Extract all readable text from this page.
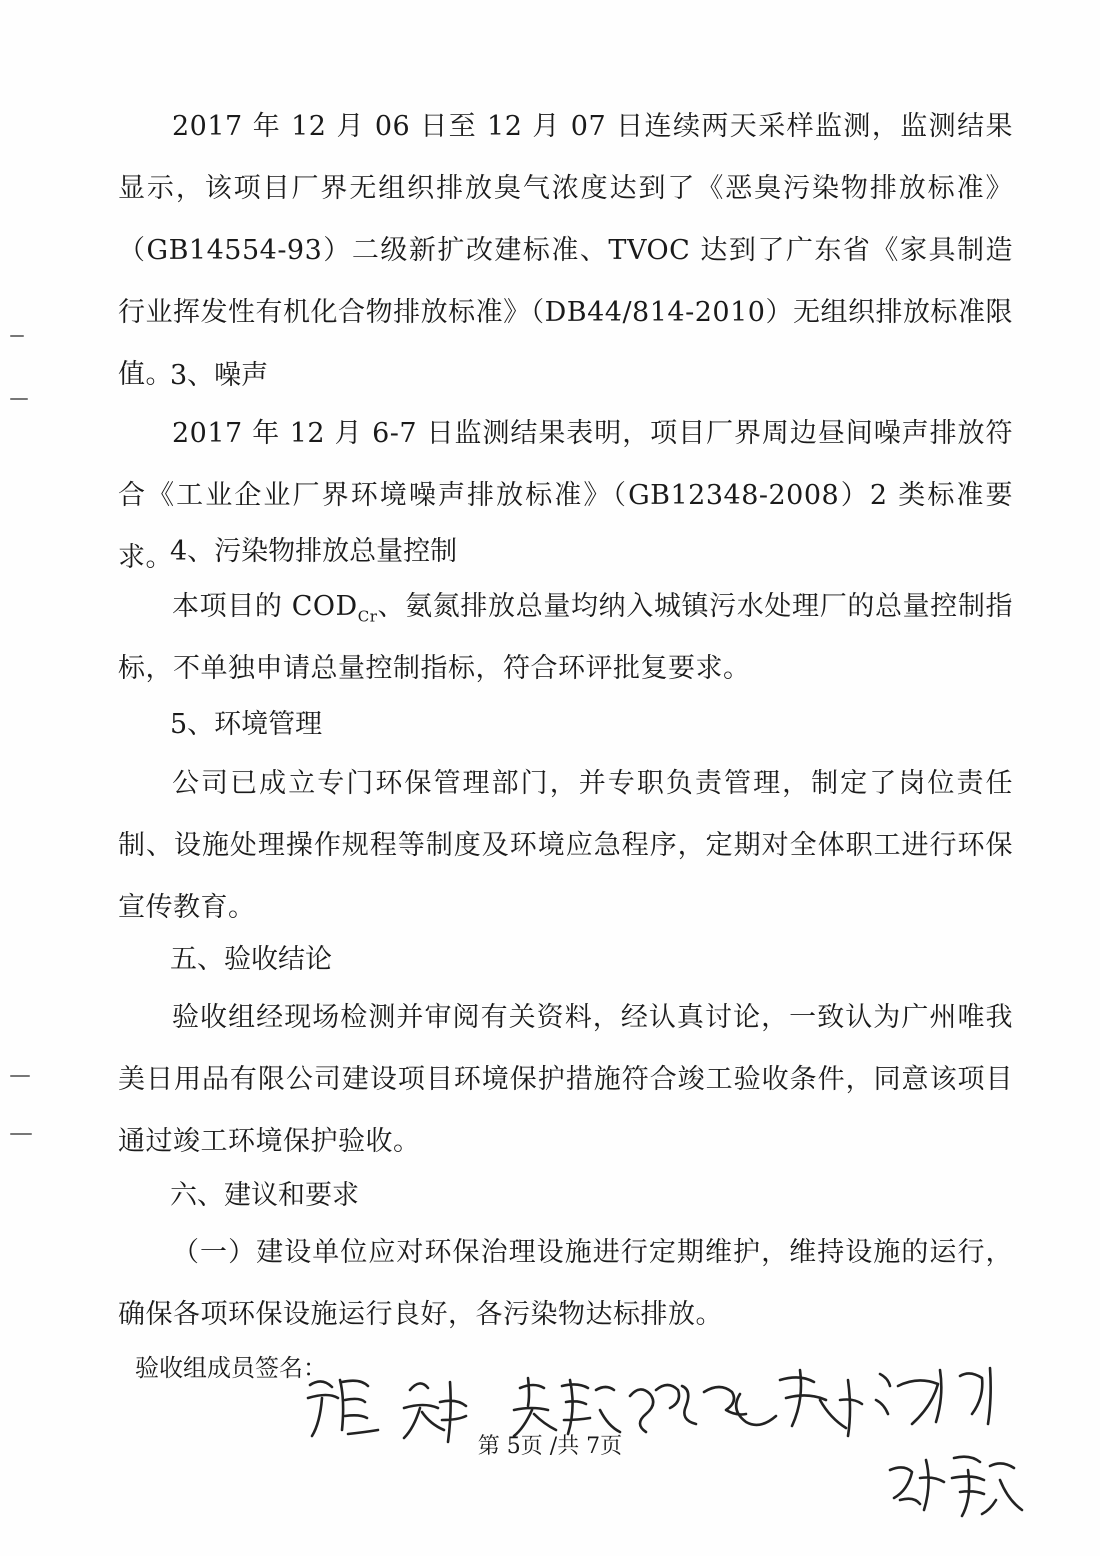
2017 年 12 月 06 日至 12 月 07 日连续两天采样监测，监测结果显示，该项目厂界无组织排放臭气浓度达到了《恶臭污染物排放标准》（GB14554-93）二级新扩改建标准、TVOC 达到了广东省《家具制造行业挥发性有机化合物排放标准》（DB44/814-2010）无组织排放标准限值。
3、噪声
2017 年 12 月 6-7 日监测结果表明，项目厂界周边昼间噪声排放符合《工业企业厂界环境噪声排放标准》（GB12348-2008）2 类标准要求。
4、污染物排放总量控制
本项目的 $COD_{Cr}$、氨氮排放总量均纳入城镇污水处理厂的总量控制指标，不单独申请总量控制指标，符合环评批复要求。
5、环境管理
公司已成立专门环保管理部门，并专职负责管理，制定了岗位责任制、设施处理操作规程等制度及环境应急程序，定期对全体职工进行环保宣传教育。
五、验收结论
验收组经现场检测并审阅有关资料，经认真讨论，一致认为广州唯我美日用品有限公司建设项目环境保护措施符合竣工验收条件，同意该项目通过竣工环境保护验收。
六、建议和要求
（一）建设单位应对环保治理设施进行定期维护，维持设施的运行，确保各项环保设施运行良好，各污染物达标排放。
验收组成员签名：
第 5页 /共 7页
